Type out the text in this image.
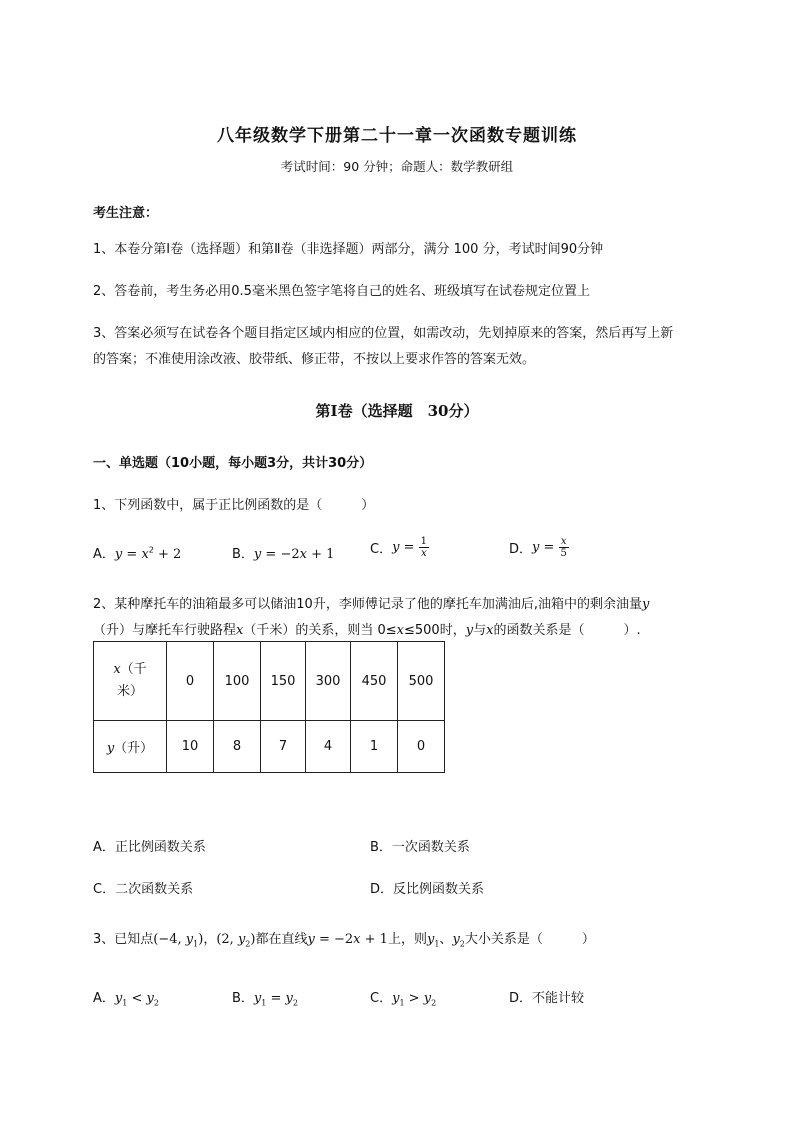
八年级数学下册第二十一章一次函数专题训练
考试时间：90 分钟；命题人：数学教研组
考生注意：
1、本卷分第Ⅰ卷（选择题）和第Ⅱ卷（非选择题）两部分，满分 100 分，考试时间90分钟
2、答卷前，考生务必用0.5毫米黑色签字笔将自己的姓名、班级填写在试卷规定位置上
3、答案必须写在试卷各个题目指定区域内相应的位置，如需改动，先划掉原来的答案，然后再写上新
的答案；不准使用涂改液、胶带纸、修正带，不按以上要求作答的答案无效。
第Ⅰ卷（选择题　30分）
一、单选题（10小题，每小题3分，共计30分）
1、下列函数中，属于正比例函数的是（　　　）
A．$y = x^2 + 2$	B．y = −2x + 1	C．$y = \frac{1}{x}$	D．$y = \frac{x}{5}$
2、某种摩托车的油箱最多可以储油10升，李师傅记录了他的摩托车加满油后,油箱中的剩余油量y
（升）与摩托车行驶路程x（千米）的关系，则当 0≤x≤500时，y与x的函数关系是（　　　）.
x（千
米）	0	100	150	300	450	500
y（升）	10	8	7	4	1	0
A．正比例函数关系	B．一次函数关系
C．二次函数关系	D．反比例函数关系
3、已知点(−4, $y_1$)，(2, $y_2$)都在直线y = −2x + 1上，则$y_1$、$y_2$大小关系是（　　　）
A．$y_1 < y_2$	B．$y_1 = y_2$	C．$y_1 > y_2$	D．不能计较
